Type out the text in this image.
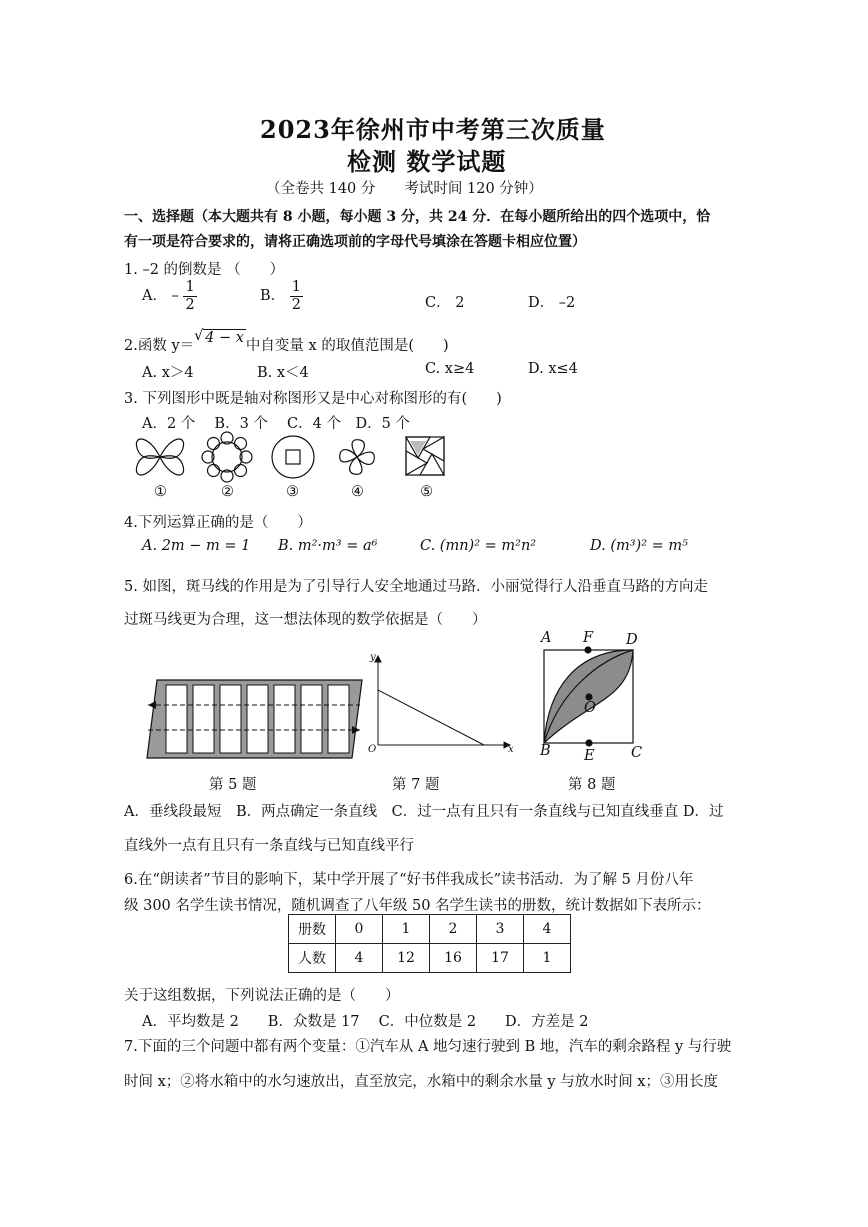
2023年徐州市中考第三次质量
检测 数学试题
（全卷共 140 分　　考试时间 120 分钟）
一、选择题（本大题共有 8 小题，每小题 3 分，共 24 分．在每小题所给出的四个选项中，恰
有一项是符合要求的，请将正确选项前的字母代号填涂在答题卡相应位置）
1. –2 的倒数是 （　　）
A． – $\frac{1}{2}$	B． $\frac{1}{2}$	C． 2	D． –2
2.函数 y＝
√ 4 − x 中自变量 x 的取值范围是(　　)
A. x＞4	B. x＜4	C. x≥4	D. x≤4
3. 下列图形中既是轴对称图形又是中心对称图形的有(　　)
A．2 个　 B．3 个　 C．4 个　D．5 个
①	②	③	④	⑤
4.下列运算正确的是（　　）
A. 2m − m = 1 B. m²·m³ = a⁶	C. (mn)² = m²n²	D. (m³)² = m⁵
5. 如图，斑马线的作用是为了引导行人安全地通过马路．小丽觉得行人沿垂直马路的方向走
过斑马线更为合理，这一想法体现的数学依据是（　　）
y
x
O
A F D
O
B E	C
第 5 题	第 7 题	第 8 题
A．垂线段最短　B．两点确定一条直线　C．过一点有且只有一条直线与已知直线垂直 D．过
直线外一点有且只有一条直线与已知直线平行
6.在“朗读者”节目的影响下，某中学开展了“好书伴我成长”读书活动．为了解 5 月份八年
级 300 名学生读书情况，随机调查了八年级 50 名学生读书的册数，统计数据如下表所示：
册数	0	1	2	3	4
人数	4	12	16	17	1
关于这组数据，下列说法正确的是（　　）
A．平均数是 2　　B．众数是 17　 C．中位数是 2　　D．方差是 2
7.下面的三个问题中都有两个变量：①汽车从 A 地匀速行驶到 B 地，汽车的剩余路程 y 与行驶
时间 x；②将水箱中的水匀速放出，直至放完，水箱中的剩余水量 y 与放水时间 x；③用长度
